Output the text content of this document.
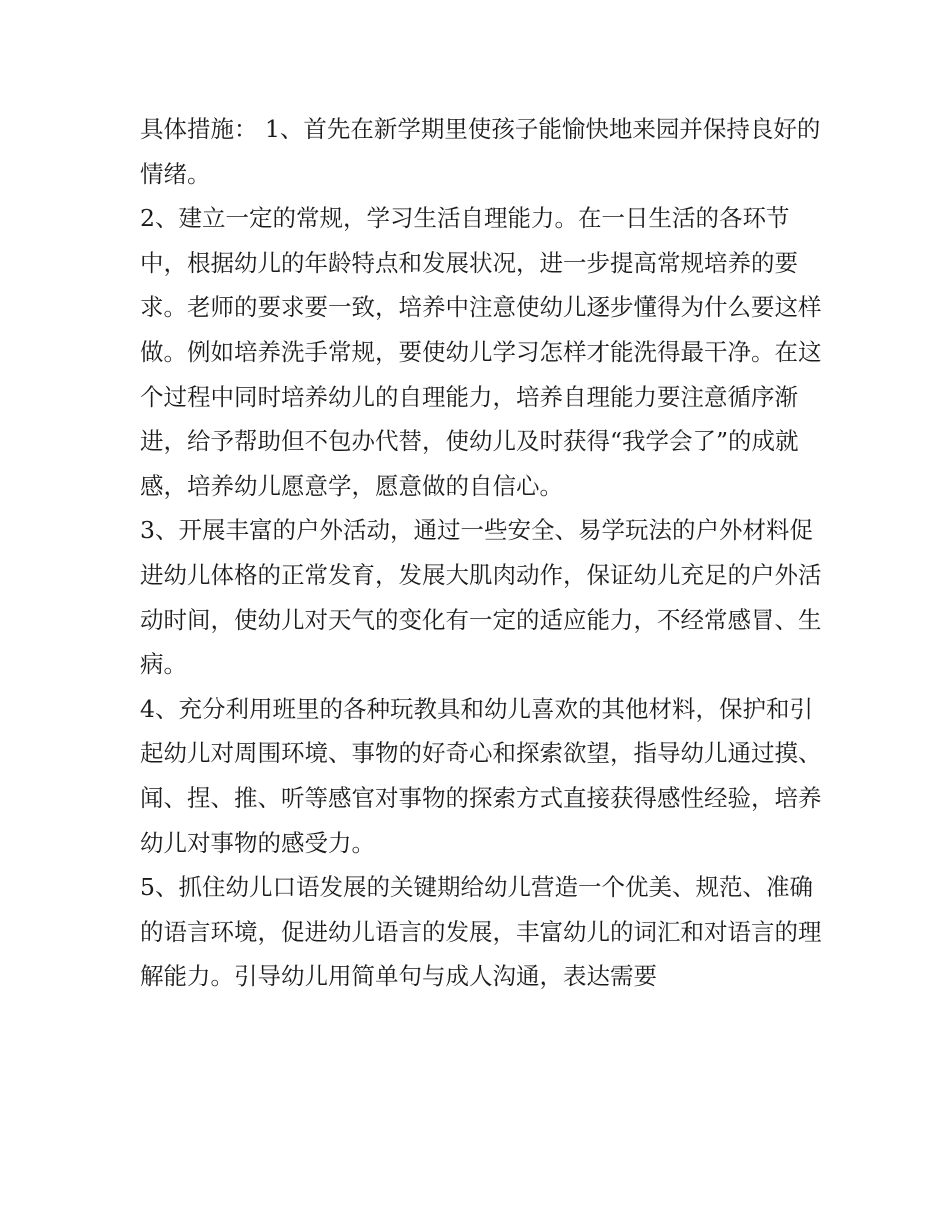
具体措施： 1、首先在新学期里使孩子能愉快地来园并保持良好的情绪。

2、建立一定的常规，学习生活自理能力。在一日生活的各环节中，根据幼儿的年龄特点和发展状况，进一步提高常规培养的要求。老师的要求要一致，培养中注意使幼儿逐步懂得为什么要这样做。例如培养洗手常规，要使幼儿学习怎样才能洗得最干净。在这个过程中同时培养幼儿的自理能力，培养自理能力要注意循序渐进，给予帮助但不包办代替，使幼儿及时获得“我学会了”的成就感，培养幼儿愿意学，愿意做的自信心。

3、开展丰富的户外活动，通过一些安全、易学玩法的户外材料促进幼儿体格的正常发育，发展大肌肉动作，保证幼儿充足的户外活动时间，使幼儿对天气的变化有一定的适应能力，不经常感冒、生病。

4、充分利用班里的各种玩教具和幼儿喜欢的其他材料，保护和引起幼儿对周围环境、事物的好奇心和探索欲望，指导幼儿通过摸、闻、捏、推、听等感官对事物的探索方式直接获得感性经验，培养幼儿对事物的感受力。

5、抓住幼儿口语发展的关键期给幼儿营造一个优美、规范、准确的语言环境，促进幼儿语言的发展，丰富幼儿的词汇和对语言的理解能力。引导幼儿用简单句与成人沟通，表达需要
